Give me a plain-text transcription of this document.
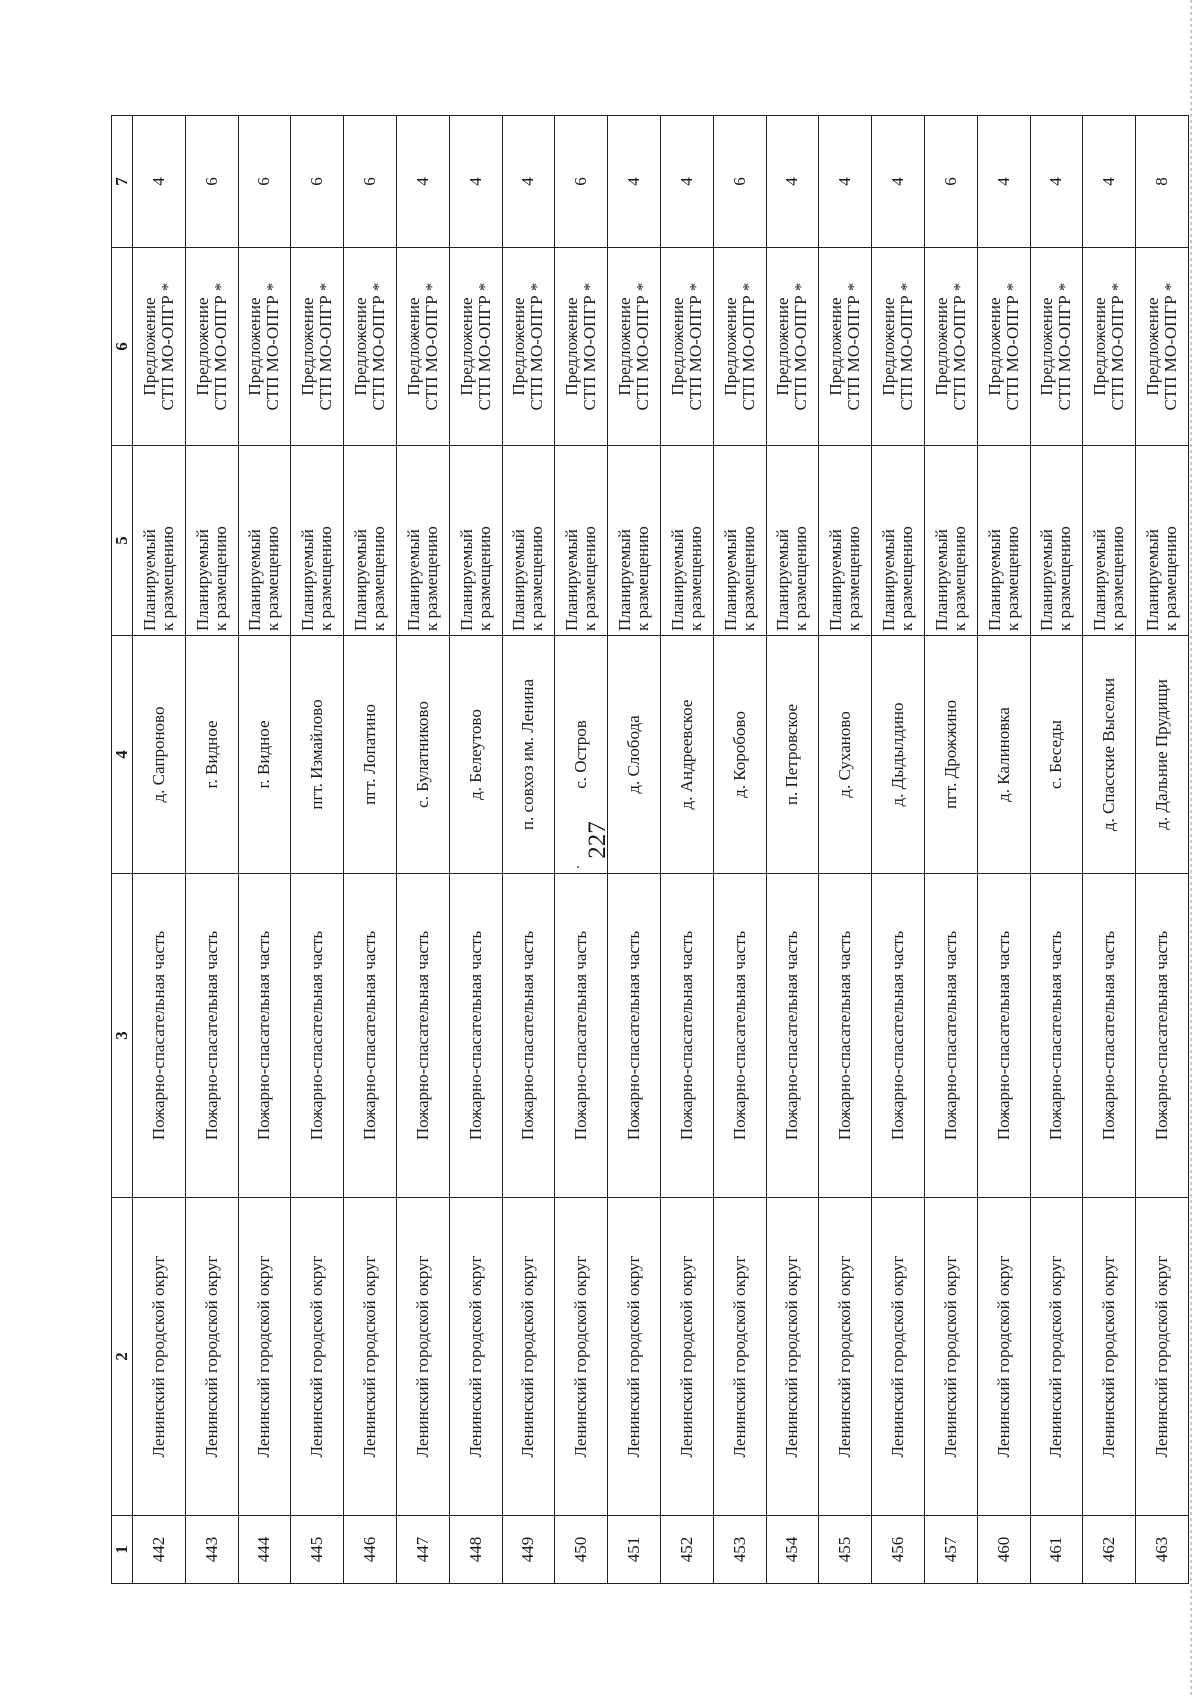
227
1	2	3	4	5	6	7
442	Ленинский городской округ	Пожарно-спасательная часть	д. Сапроново	Планируемый к размещению	Предложение СТП МО-ОПГР *	4
443	Ленинский городской округ	Пожарно-спасательная часть	г. Видное	Планируемый к размещению	Предложение СТП МО-ОПГР *	6
444	Ленинский городской округ	Пожарно-спасательная часть	г. Видное	Планируемый к размещению	Предложение СТП МО-ОПГР *	6
445	Ленинский городской округ	Пожарно-спасательная часть	пгт. Измайлово	Планируемый к размещению	Предложение СТП МО-ОПГР *	6
446	Ленинский городской округ	Пожарно-спасательная часть	пгт. Лопатино	Планируемый к размещению	Предложение СТП МО-ОПГР *	6
447	Ленинский городской округ	Пожарно-спасательная часть	с. Булатниково	Планируемый к размещению	Предложение СТП МО-ОПГР *	4
448	Ленинский городской округ	Пожарно-спасательная часть	д. Белеутово	Планируемый к размещению	Предложение СТП МО-ОПГР *	4
449	Ленинский городской округ	Пожарно-спасательная часть	п. совхоз им. Ленина	Планируемый к размещению	Предложение СТП МО-ОПГР *	4
450	Ленинский городской округ	Пожарно-спасательная часть	с. Остров	Планируемый к размещению	Предложение СТП МО-ОПГР *	6
451	Ленинский городской округ	Пожарно-спасательная часть	д. Слобода	Планируемый к размещению	Предложение СТП МО-ОПГР *	4
452	Ленинский городской округ	Пожарно-спасательная часть	д. Андреевское	Планируемый к размещению	Предложение СТП МО-ОПГР *	4
453	Ленинский городской округ	Пожарно-спасательная часть	д. Коробово	Планируемый к размещению	Предложение СТП МО-ОПГР *	6
454	Ленинский городской округ	Пожарно-спасательная часть	п. Петровское	Планируемый к размещению	Предложение СТП МО-ОПГР *	4
455	Ленинский городской округ	Пожарно-спасательная часть	д. Суханово	Планируемый к размещению	Предложение СТП МО-ОПГР *	4
456	Ленинский городской округ	Пожарно-спасательная часть	д. Дыдылдино	Планируемый к размещению	Предложение СТП МО-ОПГР *	4
457	Ленинский городской округ	Пожарно-спасательная часть	пгт. Дрожжино	Планируемый к размещению	Предложение СТП МО-ОПГР *	6
460	Ленинский городской округ	Пожарно-спасательная часть	д. Калиновка	Планируемый к размещению	Предложение СТП МО-ОПГР *	4
461	Ленинский городской округ	Пожарно-спасательная часть	с. Беседы	Планируемый к размещению	Предложение СТП МО-ОПГР *	4
462	Ленинский городской округ	Пожарно-спасательная часть	д. Спасские Выселки	Планируемый к размещению	Предложение СТП МО-ОПГР *	4
463	Ленинский городской округ	Пожарно-спасательная часть	д. Дальние Прудищи	Планируемый к размещению	Предложение СТП МО-ОПГР *	8
